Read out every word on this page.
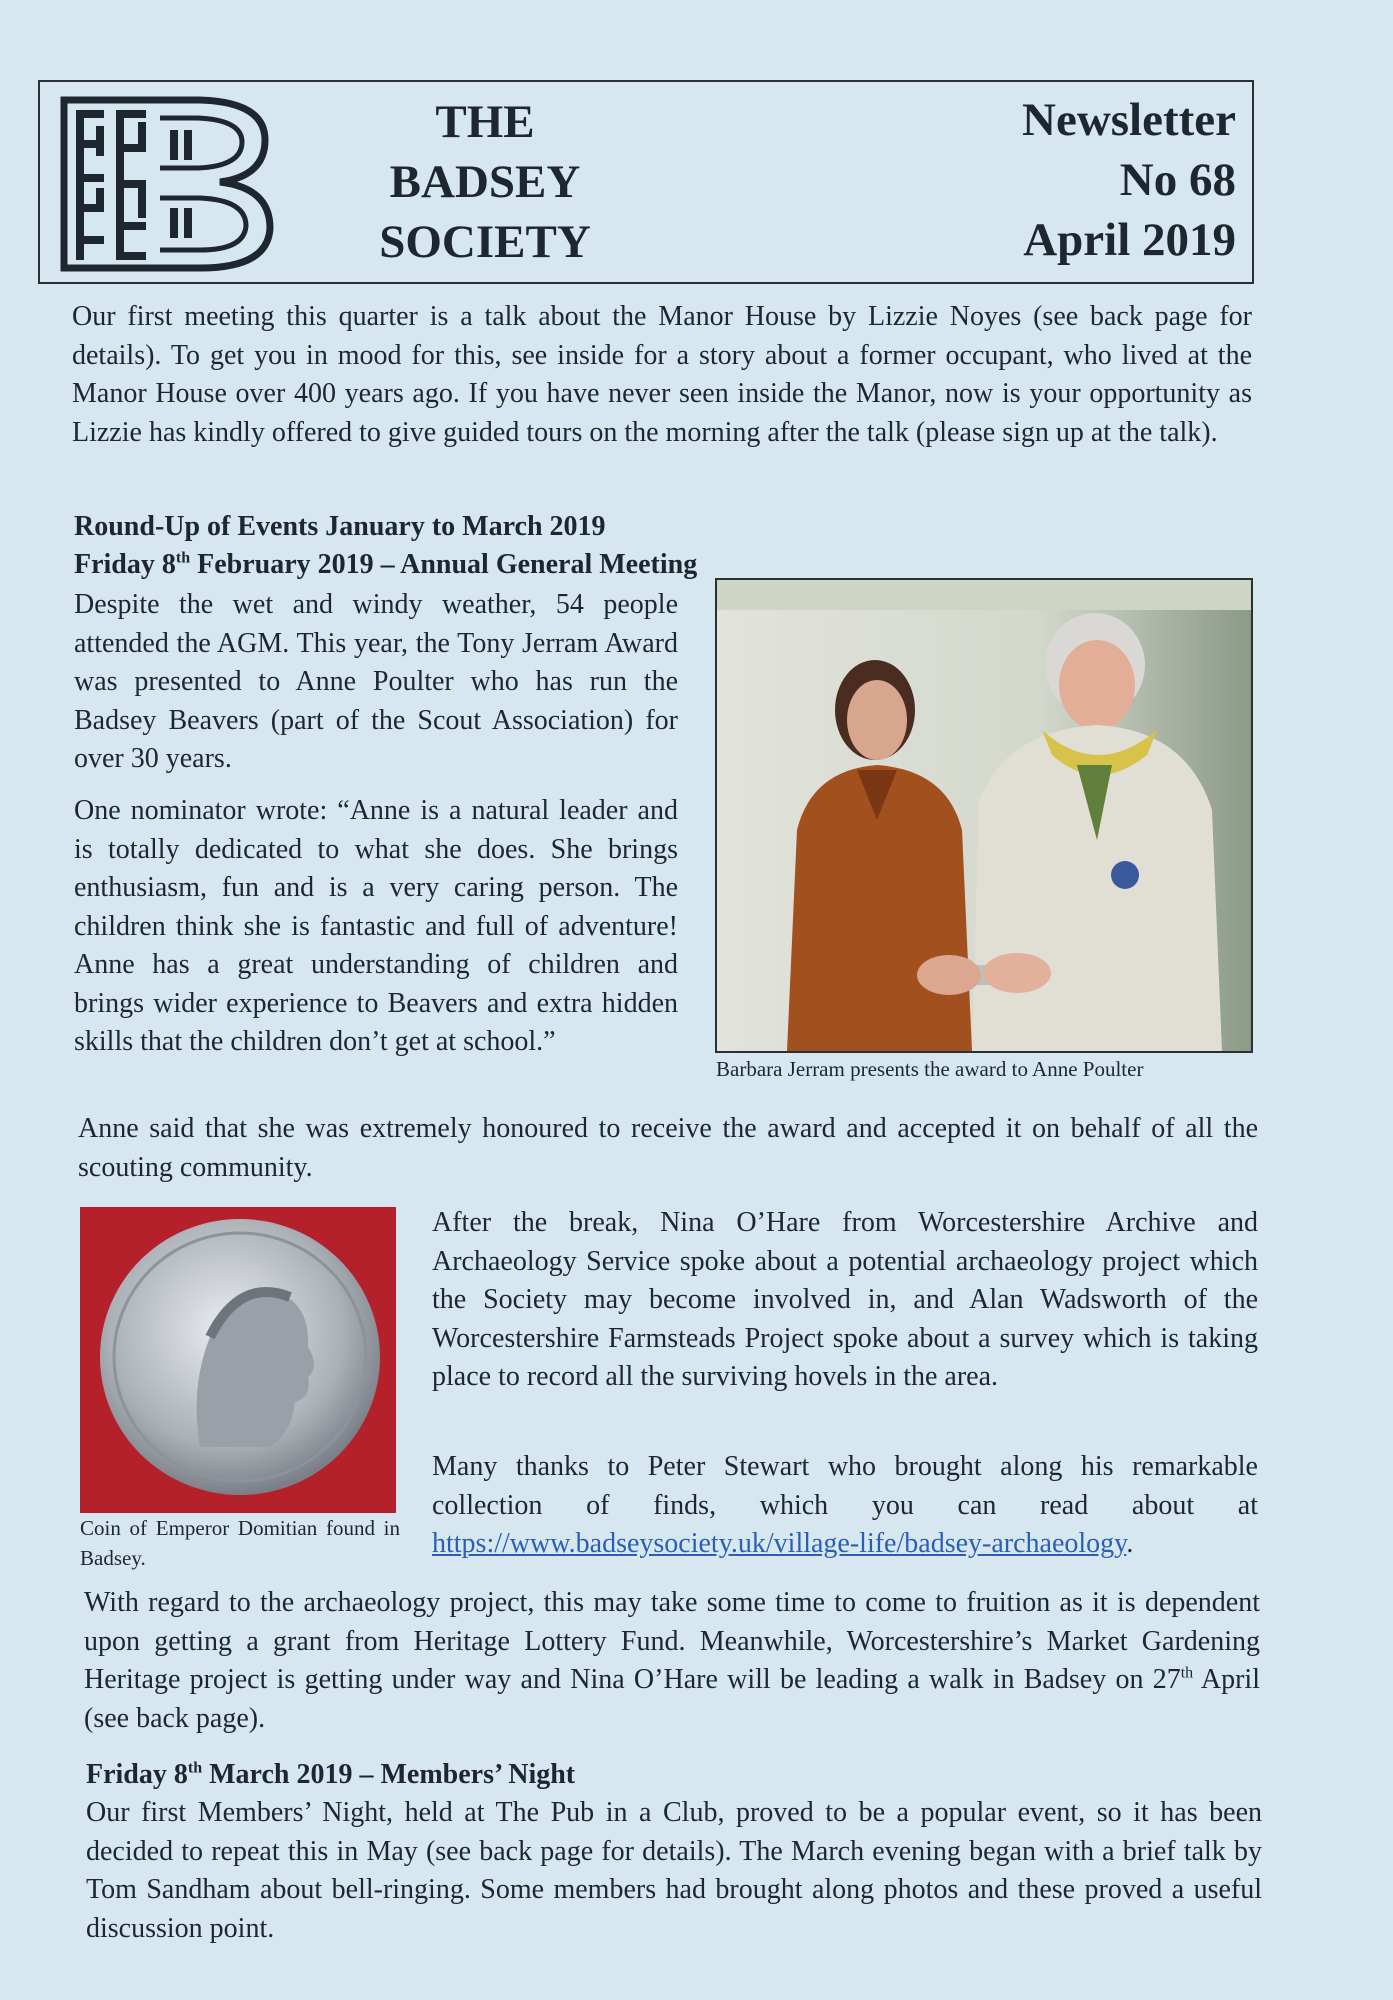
THE
BADSEY
SOCIETY
Newsletter
No 68
April 2019

Our first meeting this quarter is a talk about the Manor House by Lizzie Noyes (see back page for details). To get you in mood for this, see inside for a story about a former occupant, who lived at the Manor House over 400 years ago. If you have never seen inside the Manor, now is your opportunity as Lizzie has kindly offered to give guided tours on the morning after the talk (please sign up at the talk).

Round-Up of Events January to March 2019

Friday 8th February 2019 – Annual General Meeting

Despite the wet and windy weather, 54 people attended the AGM. This year, the Tony Jerram Award was presented to Anne Poulter who has run the Badsey Beavers (part of the Scout Association) for over 30 years.

One nominator wrote: “Anne is a natural leader and is totally dedicated to what she does. She brings enthusiasm, fun and is a very caring person. The children think she is fantastic and full of adventure! Anne has a great understanding of children and brings wider experience to Beavers and extra hidden skills that the children don’t get at school.”

Barbara Jerram presents the award to Anne Poulter

Anne said that she was extremely honoured to receive the award and accepted it on behalf of all the scouting community.

Coin of Emperor Domitian found in Badsey.

After the break, Nina O’Hare from Worcestershire Archive and Archaeology Service spoke about a potential archaeology project which the Society may become involved in, and Alan Wadsworth of the Worcestershire Farmsteads Project spoke about a survey which is taking place to record all the surviving hovels in the area.

Many thanks to Peter Stewart who brought along his remarkable collection of finds, which you can read about at https://www.badseysociety.uk/village-life/badsey-archaeology.

With regard to the archaeology project, this may take some time to come to fruition as it is dependent upon getting a grant from Heritage Lottery Fund. Meanwhile, Worcestershire’s Market Gardening Heritage project is getting under way and Nina O’Hare will be leading a walk in Badsey on 27th April (see back page).

Friday 8th March 2019 – Members’ Night

Our first Members’ Night, held at The Pub in a Club, proved to be a popular event, so it has been decided to repeat this in May (see back page for details). The March evening began with a brief talk by Tom Sandham about bell-ringing. Some members had brought along photos and these proved a useful discussion point.
